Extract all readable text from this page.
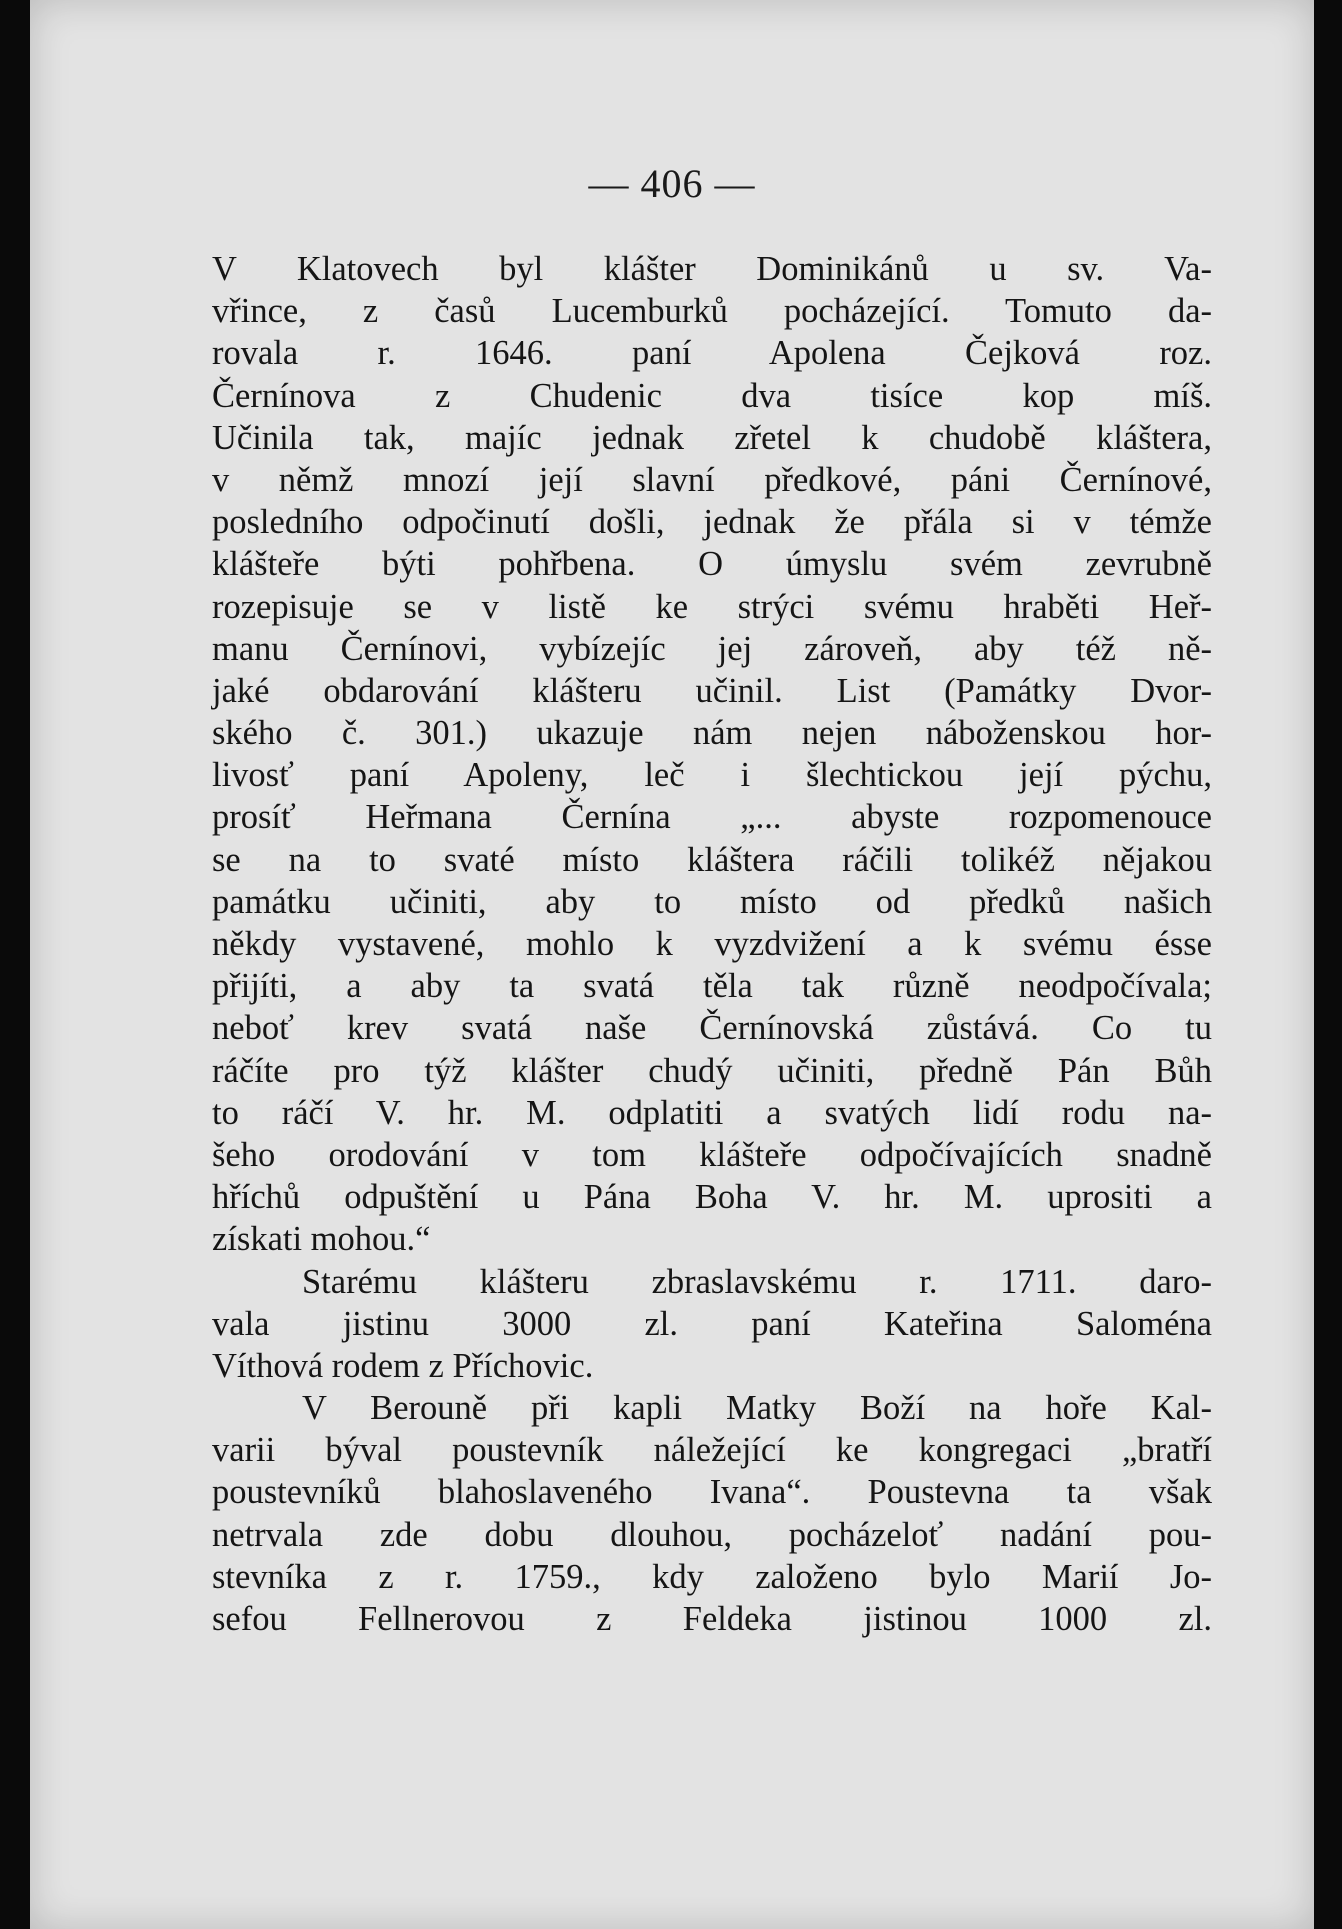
— 406 —
V Klatovech byl klášter Dominikánů u sv. Va-
vřince, z časů Lucemburků pocházející. Tomuto da-
rovala r. 1646. paní Apolena Čejková roz.
Černínova z Chudenic dva tisíce kop míš.
Učinila tak, majíc jednak zřetel k chudobě kláštera,
v němž mnozí její slavní předkové, páni Černínové,
posledního odpočinutí došli, jednak že přála si v témže
klášteře býti pohřbena. O úmyslu svém zevrubně
rozepisuje se v listě ke strýci svému hraběti Heř-
manu Černínovi, vybízejíc jej zároveň, aby též ně-
jaké obdarování klášteru učinil. List (Památky Dvor-
ského č. 301.) ukazuje nám nejen náboženskou hor-
livosť paní Apoleny, leč i šlechtickou její pýchu,
prosíť Heřmana Černína „... abyste rozpomenouce
se na to svaté místo kláštera ráčili tolikéž nějakou
památku učiniti, aby to místo od předků našich
někdy vystavené, mohlo k vyzdvižení a k svému ésse
přijíti, a aby ta svatá těla tak různě neodpočívala;
neboť krev svatá naše Černínovská zůstává. Co tu
ráčíte pro týž klášter chudý učiniti, předně Pán Bůh
to ráčí V. hr. M. odplatiti a svatých lidí rodu na-
šeho orodování v tom klášteře odpočívajících snadně
hříchů odpuštění u Pána Boha V. hr. M. uprositi a
získati mohou.“
Starému klášteru zbraslavskému r. 1711. daro-
vala jistinu 3000 zl. paní Kateřina Saloména
Víthová rodem z Příchovic.
V Berouně při kapli Matky Boží na hoře Kal-
varii býval poustevník náležející ke kongregaci „bratří
poustevníků blahoslaveného Ivana“. Poustevna ta však
netrvala zde dobu dlouhou, pocházeloť nadání pou-
stevníka z r. 1759., kdy založeno bylo Marií Jo-
sefou Fellnerovou z Feldeka jistinou 1000 zl.
